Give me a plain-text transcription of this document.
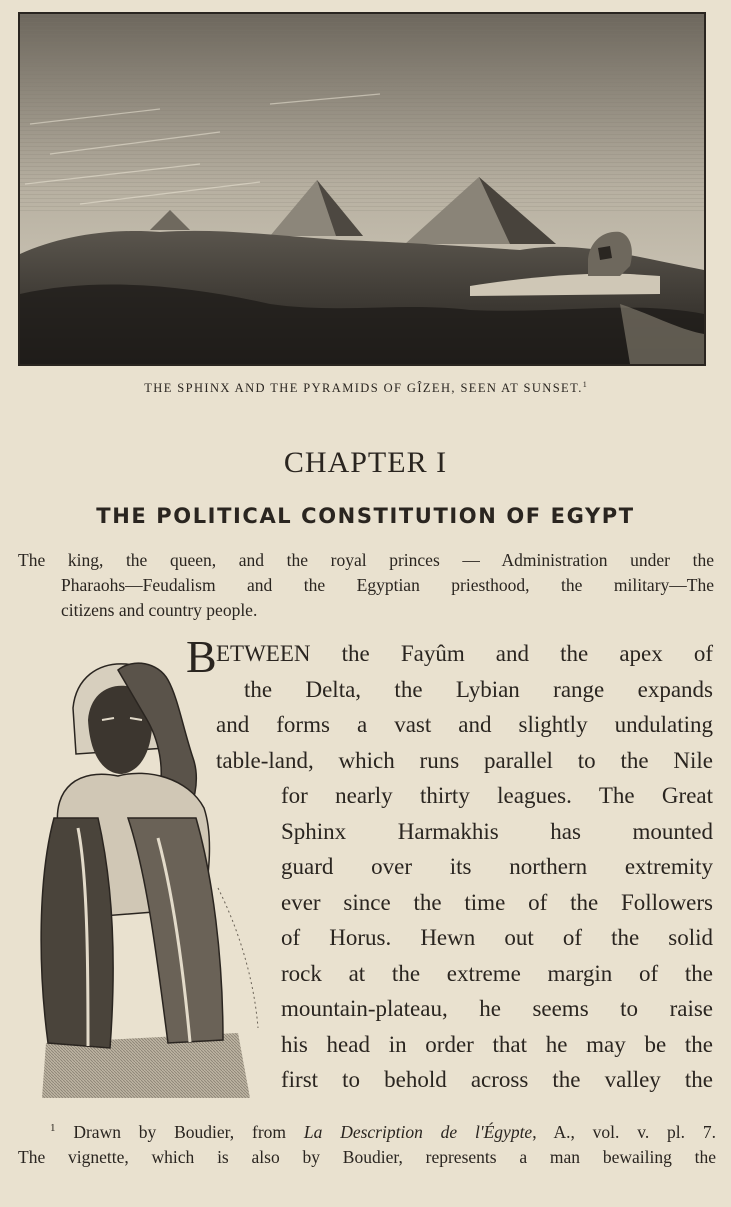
THE SPHINX AND THE PYRAMIDS OF GÎZEH, SEEN AT SUNSET.$^1$
CHAPTER I
THE POLITICAL CONSTITUTION OF EGYPT
The king, the queen, and the royal princes — Administration under the
Pharaohs—Feudalism and the Egyptian priesthood, the military—The
citizens and country people.
B ETWEEN the Fayûm and the apex of
the Delta, the Lybian range expands
and forms a vast and slightly undulating
table-land, which runs parallel to the Nile
for nearly thirty leagues. The Great
Sphinx Harmakhis has mounted
guard over its northern extremity
ever since the time of the Followers
of Horus. Hewn out of the solid
rock at the extreme margin of the
mountain-plateau, he seems to raise
his head in order that he may be the
first to behold across the valley the
$^1$ Drawn by Boudier, from La Description de l'Égypte, A., vol. v. pl. 7.
The vignette, which is also by Boudier, represents a man bewailing the
